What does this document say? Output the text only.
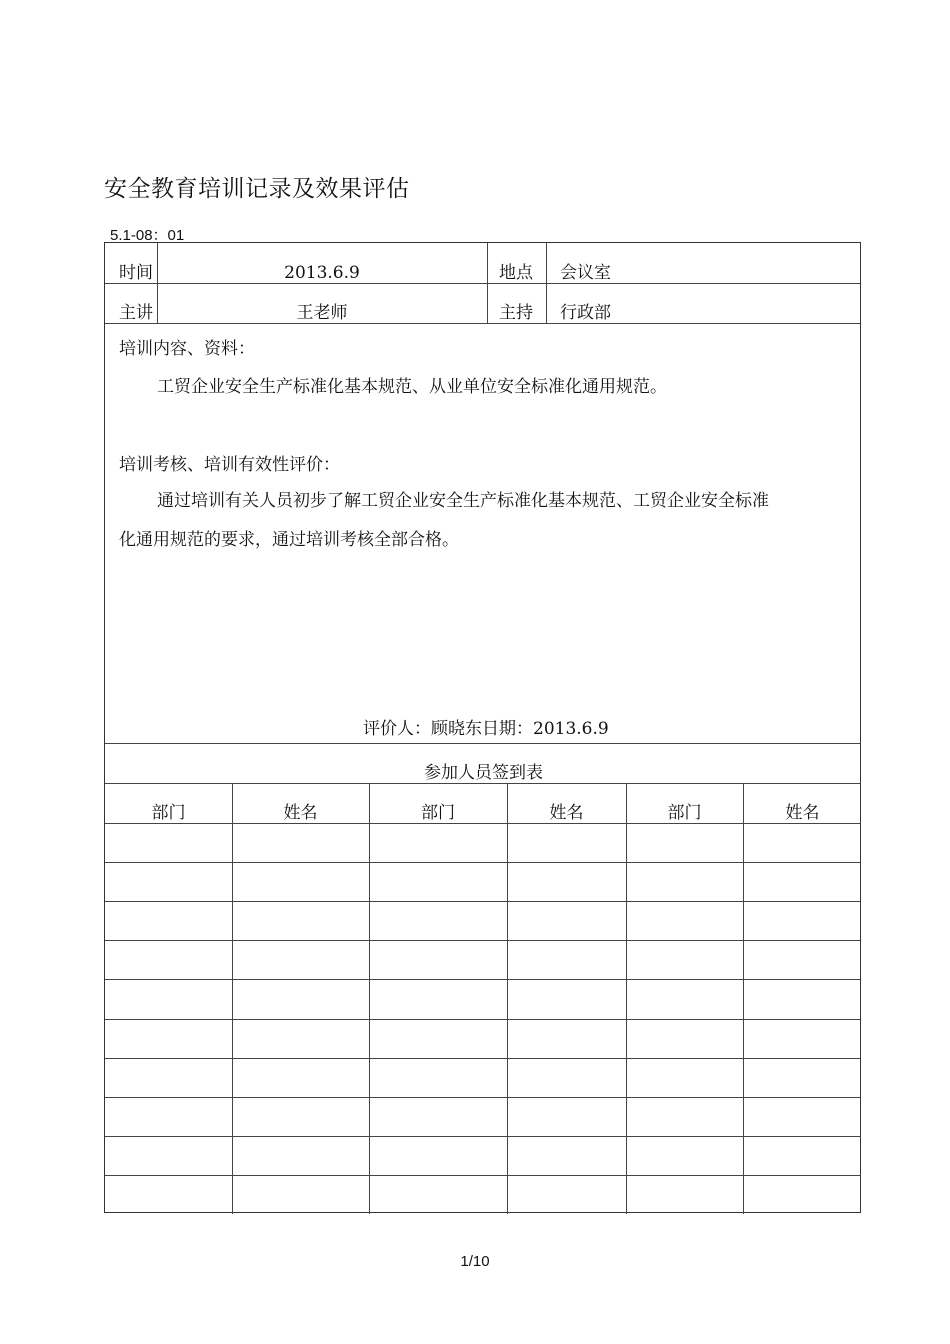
安全教育培训记录及效果评估
5.1-08：01
时间	2013.6.9	地点 会议室
主讲	王老师	主持 行政部
培训内容、资料：
工贸企业安全生产标准化基本规范、从业单位安全标准化通用规范。
培训考核、培训有效性评价：
通过培训有关人员初步了解工贸企业安全生产标准化基本规范、工贸企业安全标准
化通用规范的要求，通过培训考核全部合格。
评价人：顾晓东日期：2013.6.9
参加人员签到表
部门	姓名	部门	姓名	部门	姓名
1/10
